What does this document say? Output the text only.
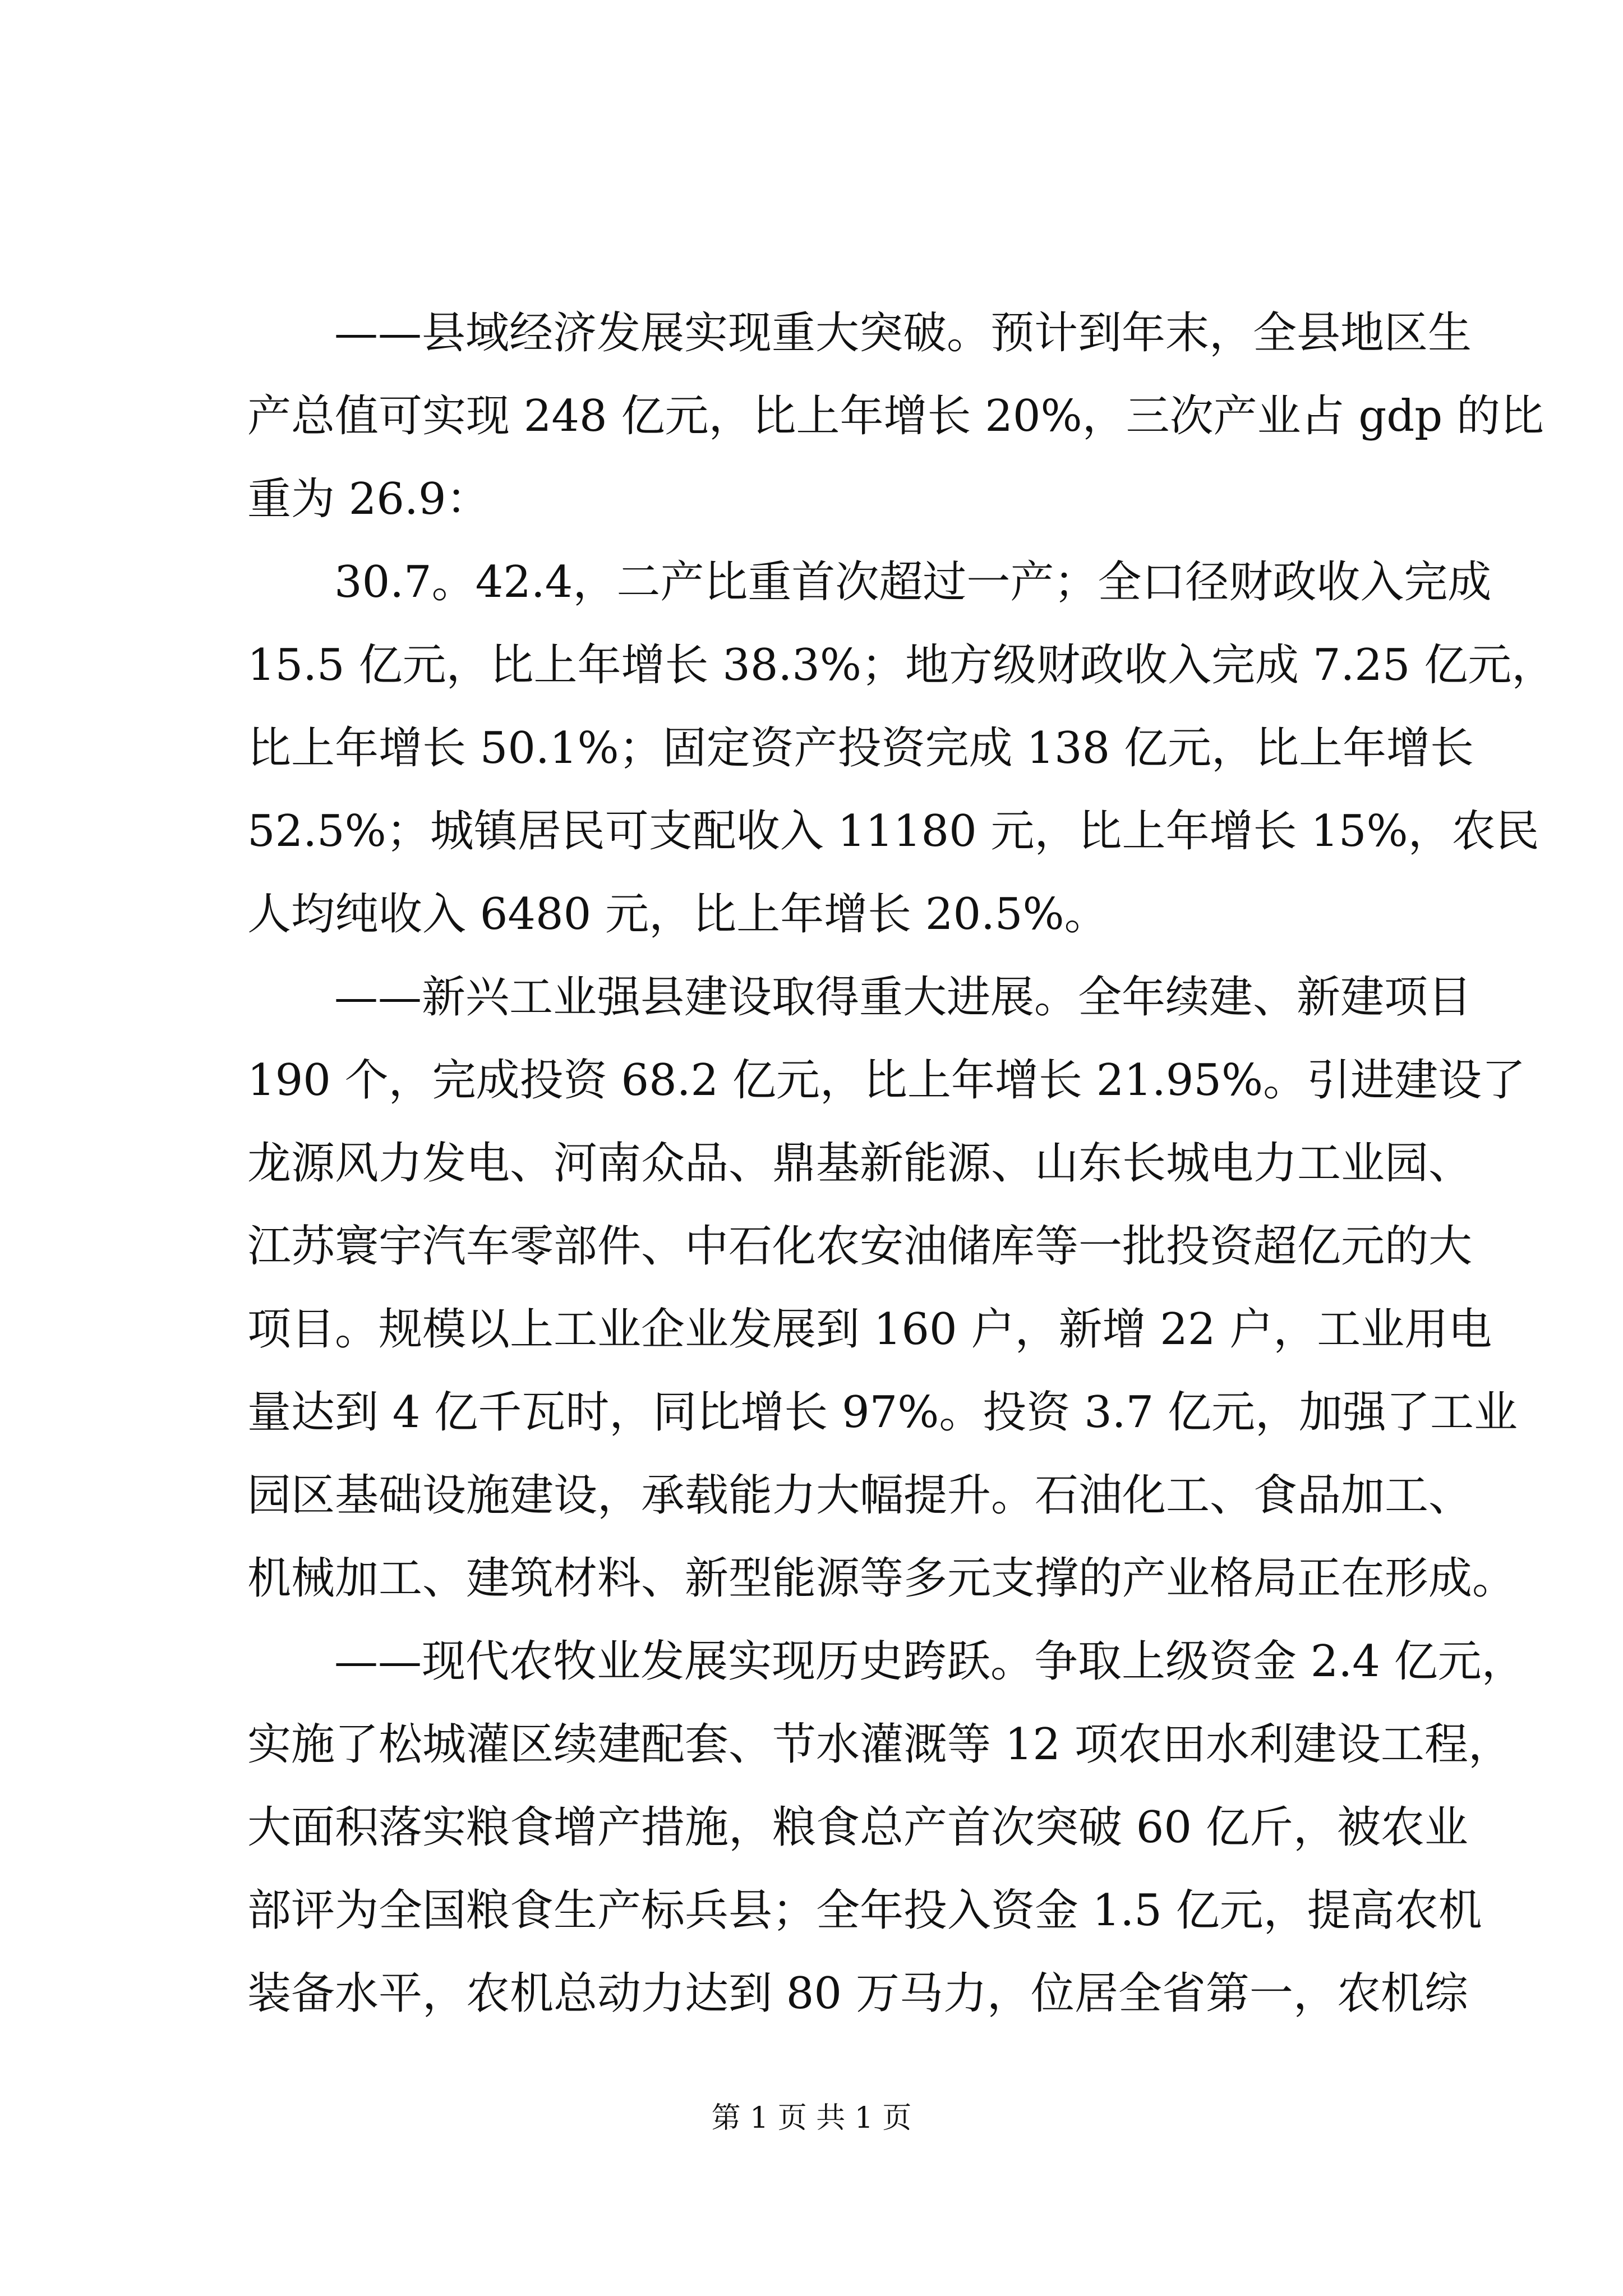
——县域经济发展实现重大突破。预计到年末，全县地区生
产总值可实现 248 亿元，比上年增长 20%，三次产业占 gdp 的比
重为 26.9：
30.7。42.4，二产比重首次超过一产；全口径财政收入完成
15.5 亿元，比上年增长 38.3%；地方级财政收入完成 7.25 亿元，
比上年增长 50.1%；固定资产投资完成 138 亿元，比上年增长
52.5%；城镇居民可支配收入 11180 元，比上年增长 15%，农民
人均纯收入 6480 元，比上年增长 20.5%。
——新兴工业强县建设取得重大进展。全年续建、新建项目
190 个，完成投资 68.2 亿元，比上年增长 21.95%。引进建设了
龙源风力发电、河南众品、鼎基新能源、山东长城电力工业园、
江苏寰宇汽车零部件、中石化农安油储库等一批投资超亿元的大
项目。规模以上工业企业发展到 160 户，新增 22 户，工业用电
量达到 4 亿千瓦时，同比增长 97%。投资 3.7 亿元，加强了工业
园区基础设施建设，承载能力大幅提升。石油化工、食品加工、
机械加工、建筑材料、新型能源等多元支撑的产业格局正在形成。
——现代农牧业发展实现历史跨跃。争取上级资金 2.4 亿元，
实施了松城灌区续建配套、节水灌溉等 12 项农田水利建设工程，
大面积落实粮食增产措施，粮食总产首次突破 60 亿斤，被农业
部评为全国粮食生产标兵县；全年投入资金 1.5 亿元，提高农机
装备水平，农机总动力达到 80 万马力，位居全省第一，农机综
第 1 页 共 1 页
